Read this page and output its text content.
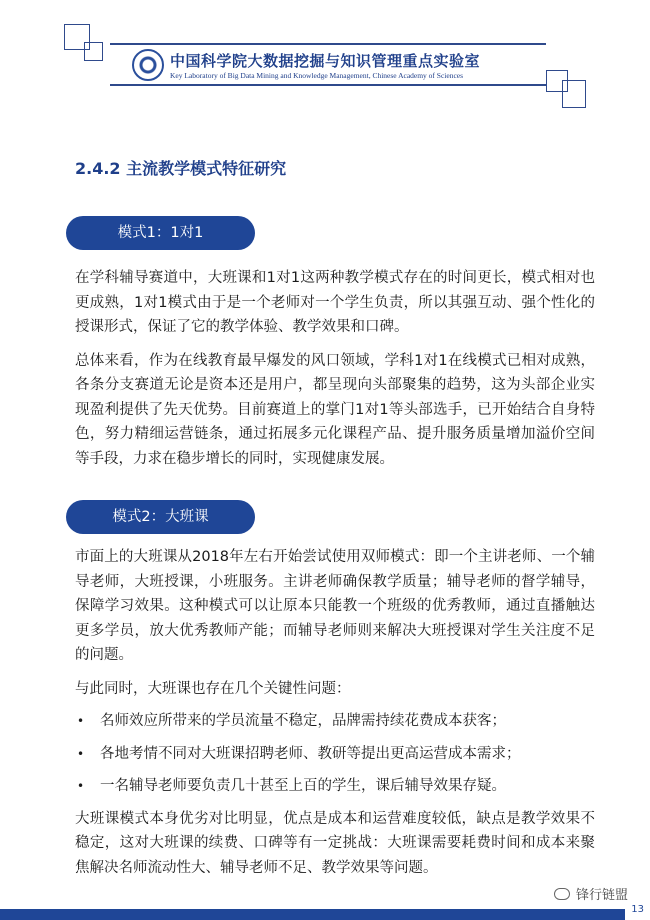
中国科学院大数据挖掘与知识管理重点实验室
Key Laboratory of Big Data Mining and Knowledge Management, Chinese Academy of Sciences
2.4.2 主流教学模式特征研究
模式1：1对1

在学科辅导赛道中，大班课和1对1这两种教学模式存在的时间更长，模式相对也更成熟，1对1模式由于是一个老师对一个学生负责，所以其强互动、强个性化的授课形式，保证了它的教学体验、教学效果和口碑。

总体来看，作为在线教育最早爆发的风口领域，学科1对1在线模式已相对成熟，各条分支赛道无论是资本还是用户，都呈现向头部聚集的趋势，这为头部企业实现盈利提供了先天优势。目前赛道上的掌门1对1等头部选手，已开始结合自身特色，努力精细运营链条，通过拓展多元化课程产品、提升服务质量增加溢价空间等手段，力求在稳步增长的同时，实现健康发展。

模式2：大班课

市面上的大班课从2018年左右开始尝试使用双师模式：即一个主讲老师、一个辅导老师，大班授课，小班服务。主讲老师确保教学质量；辅导老师的督学辅导，保障学习效果。这种模式可以让原本只能教一个班级的优秀教师，通过直播触达更多学员，放大优秀教师产能；而辅导老师则来解决大班授课对学生关注度不足的问题。

与此同时，大班课也存在几个关键性问题：

• 名师效应所带来的学员流量不稳定，品牌需持续花费成本获客；
• 各地考情不同对大班课招聘老师、教研等提出更高运营成本需求；
• 一名辅导老师要负责几十甚至上百的学生，课后辅导效果存疑。

大班课模式本身优劣对比明显，优点是成本和运营难度较低，缺点是教学效果不稳定，这对大班课的续费、口碑等有一定挑战：大班课需要耗费时间和成本来聚焦解决名师流动性大、辅导老师不足、教学效果等问题。

锋行链盟
13
